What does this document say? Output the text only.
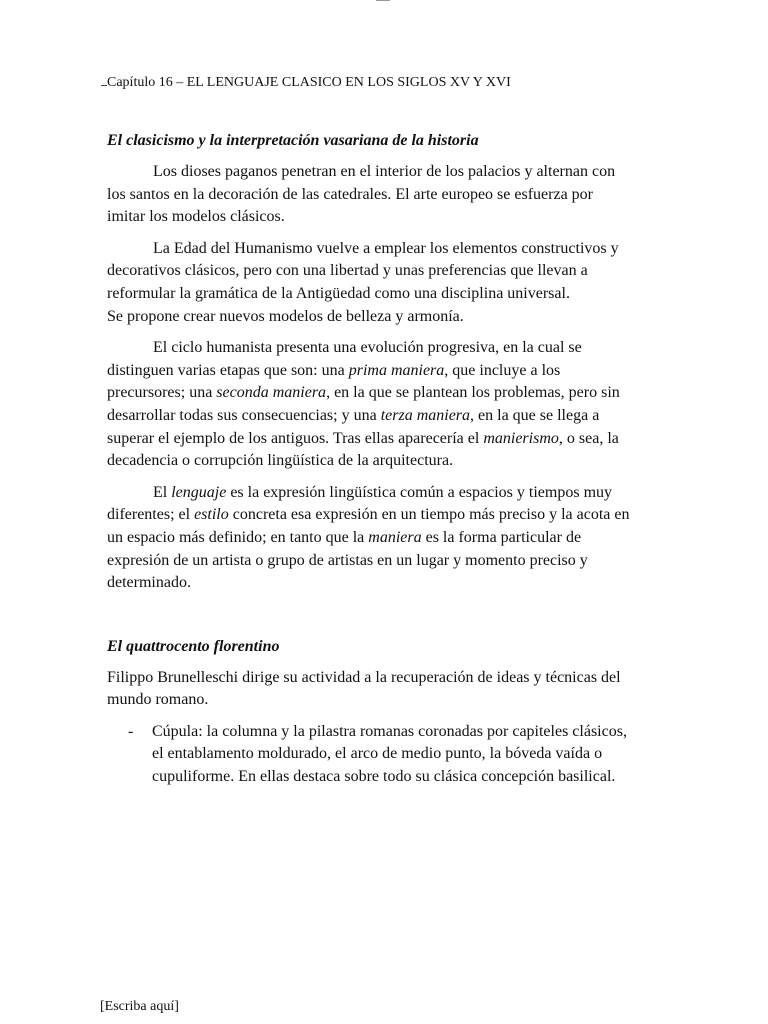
Capítulo 16 – EL LENGUAJE CLASICO EN LOS SIGLOS XV Y XVI
El clasicismo y la interpretación vasariana de la historia

Los dioses paganos penetran en el interior de los palacios y alternan con los santos en la decoración de las catedrales. El arte europeo se esfuerza por imitar los modelos clásicos.

La Edad del Humanismo vuelve a emplear los elementos constructivos y decorativos clásicos, pero con una libertad y unas preferencias que llevan a reformular la gramática de la Antigüedad como una disciplina universal.
Se propone crear nuevos modelos de belleza y armonía.

El ciclo humanista presenta una evolución progresiva, en la cual se distinguen varias etapas que son: una prima maniera, que incluye a los precursores; una seconda maniera, en la que se plantean los problemas, pero sin desarrollar todas sus consecuencias; y una terza maniera, en la que se llega a superar el ejemplo de los antiguos. Tras ellas aparecería el manierismo, o sea, la decadencia o corrupción lingüística de la arquitectura.

El lenguaje es la expresión lingüística común a espacios y tiempos muy diferentes; el estilo concreta esa expresión en un tiempo más preciso y la acota en un espacio más definido; en tanto que la maniera es la forma particular de expresión de un artista o grupo de artistas en un lugar y momento preciso y determinado.

El quattrocento florentino

Filippo Brunelleschi dirige su actividad a la recuperación de ideas y técnicas del mundo romano.

- Cúpula: la columna y la pilastra romanas coronadas por capiteles clásicos, el entablamento moldurado, el arco de medio punto, la bóveda vaída o cupuliforme. En ellas destaca sobre todo su clásica concepción basilical.
[Escriba aquí]
